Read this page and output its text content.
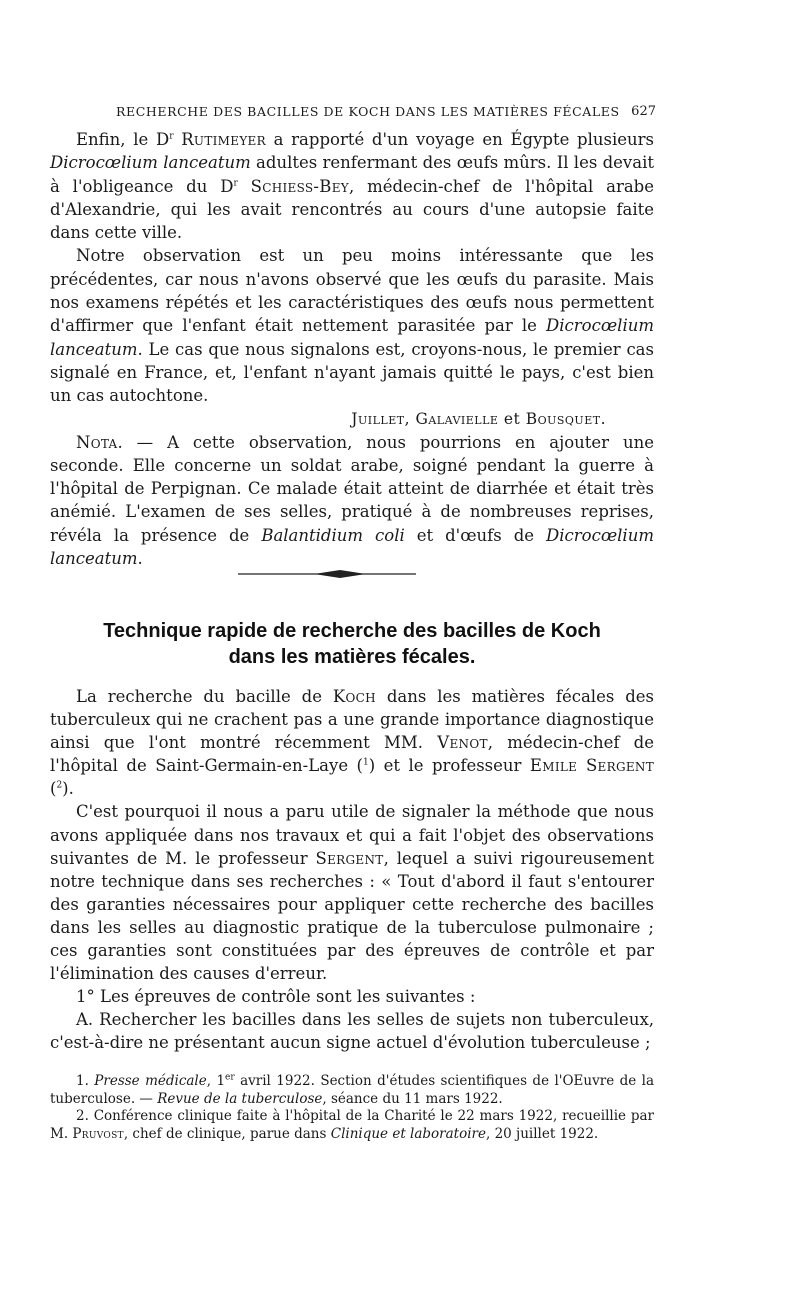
RECHERCHE DES BACILLES DE KOCH DANS LES MATIÈRES FÉCALES 627

Enfin, le $D^r$ Rutimeyer a rapporté d'un voyage en Égypte plusieurs Dicrocœlium lanceatum adultes renfermant des œufs mûrs. Il les devait à l'obligeance du $D^r$ Schiess-Bey, médecin-chef de l'hôpital arabe d'Alexandrie, qui les avait rencontrés au cours d'une autopsie faite dans cette ville.

Notre observation est un peu moins intéressante que les précédentes, car nous n'avons observé que les œufs du parasite. Mais nos examens répétés et les caractéristiques des œufs nous permettent d'affirmer que l'enfant était nettement parasitée par le Dicrocœlium lanceatum. Le cas que nous signalons est, croyons-nous, le premier cas signalé en France, et, l'enfant n'ayant jamais quitté le pays, c'est bien un cas autochtone.

Juillet, Galavielle et Bousquet.

Nota. — A cette observation, nous pourrions en ajouter une seconde. Elle concerne un soldat arabe, soigné pendant la guerre à l'hôpital de Perpignan. Ce malade était atteint de diarrhée et était très anémié. L'examen de ses selles, pratiqué à de nombreuses reprises, révéla la présence de Balantidium coli et d'œufs de Dicrocœlium lanceatum.

Technique rapide de recherche des bacilles de Koch
dans les matières fécales.

La recherche du bacille de Koch dans les matières fécales des tuberculeux qui ne crachent pas a une grande importance diagnostique ainsi que l'ont montré récemment MM. Venot, médecin-chef de l'hôpital de Saint-Germain-en-Laye ($^1$) et le professeur Emile Sergent ($^2$).

C'est pourquoi il nous a paru utile de signaler la méthode que nous avons appliquée dans nos travaux et qui a fait l'objet des observations suivantes de M. le professeur Sergent, lequel a suivi rigoureusement notre technique dans ses recherches : « Tout d'abord il faut s'entourer des garanties nécessaires pour appliquer cette recherche des bacilles dans les selles au diagnostic pratique de la tuberculose pulmonaire ; ces garanties sont constituées par des épreuves de contrôle et par l'élimination des causes d'erreur.

1° Les épreuves de contrôle sont les suivantes :

A. Rechercher les bacilles dans les selles de sujets non tuberculeux, c'est-à-dire ne présentant aucun signe actuel d'évolution tuberculeuse ;

1. Presse médicale, 1er avril 1922. Section d'études scientifiques de l'OEuvre de la tuberculose. — Revue de la tuberculose, séance du 11 mars 1922.

2. Conférence clinique faite à l'hôpital de la Charité le 22 mars 1922, recueillie par M. Pruvost, chef de clinique, parue dans Clinique et laboratoire, 20 juillet 1922.
